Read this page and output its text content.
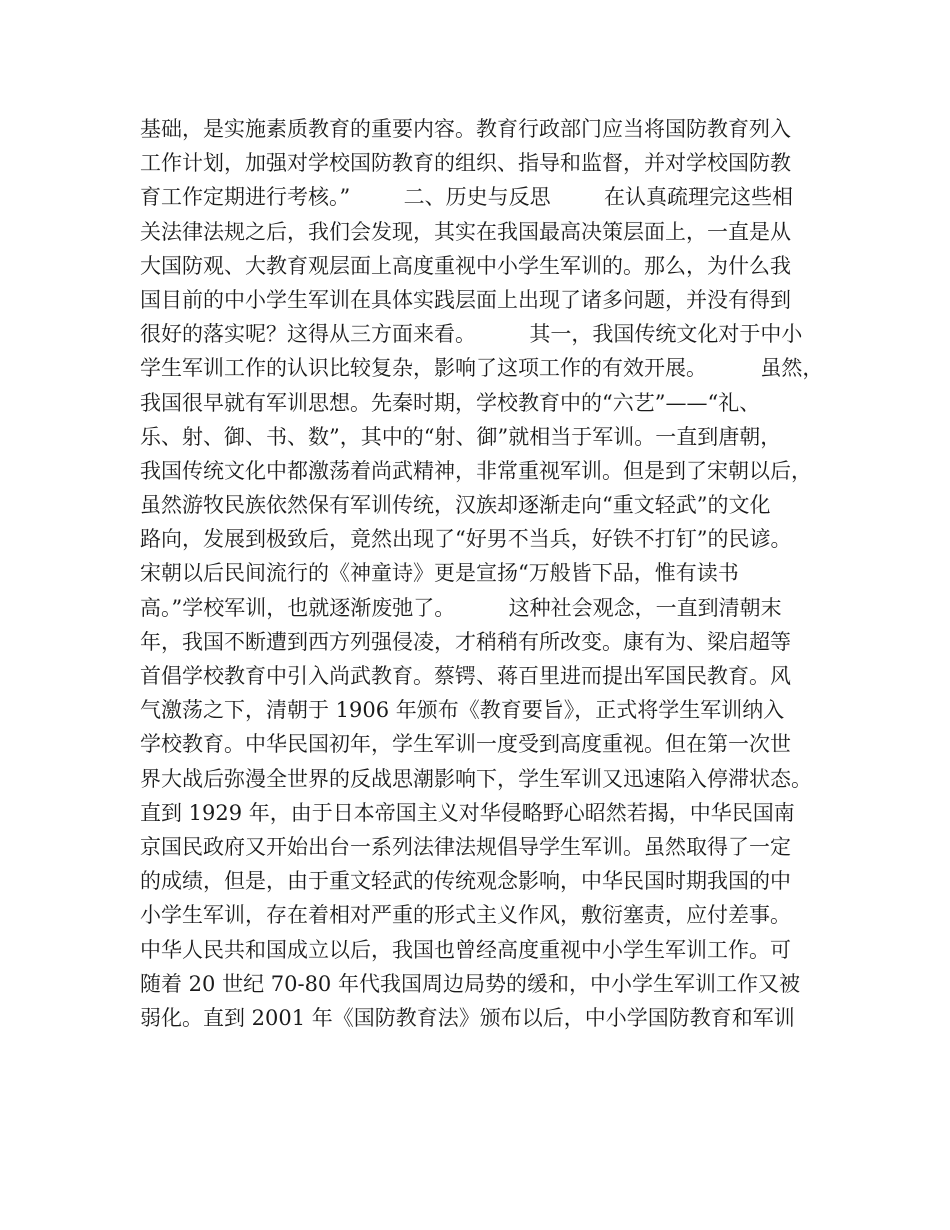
基础，是实施素质教育的重要内容。教育行政部门应当将国防教育列入
工作计划，加强对学校国防教育的组织、指导和监督，并对学校国防教
育工作定期进行考核。”        二、历史与反思        在认真疏理完这些相
关法律法规之后，我们会发现，其实在我国最高决策层面上，一直是从
大国防观、大教育观层面上高度重视中小学生军训的。那么，为什么我
国目前的中小学生军训在具体实践层面上出现了诸多问题，并没有得到
很好的落实呢？这得从三方面来看。        其一，我国传统文化对于中小
学生军训工作的认识比较复杂，影响了这项工作的有效开展。        虽然，
我国很早就有军训思想。先秦时期，学校教育中的“六艺”——“礼、
乐、射、御、书、数”，其中的“射、御”就相当于军训。一直到唐朝，
我国传统文化中都激荡着尚武精神，非常重视军训。但是到了宋朝以后，
虽然游牧民族依然保有军训传统，汉族却逐渐走向“重文轻武”的文化
路向，发展到极致后，竟然出现了“好男不当兵，好铁不打钉”的民谚。
宋朝以后民间流行的《神童诗》更是宣扬“万般皆下品，惟有读书
高。”学校军训，也就逐渐废弛了。        这种社会观念，一直到清朝末
年，我国不断遭到西方列强侵凌，才稍稍有所改变。康有为、梁启超等
首倡学校教育中引入尚武教育。蔡锷、蒋百里进而提出军国民教育。风
气激荡之下，清朝于 1906 年颁布《教育要旨》，正式将学生军训纳入
学校教育。中华民国初年，学生军训一度受到高度重视。但在第一次世
界大战后弥漫全世界的反战思潮影响下，学生军训又迅速陷入停滞状态。
直到 1929 年，由于日本帝国主义对华侵略野心昭然若揭，中华民国南
京国民政府又开始出台一系列法律法规倡导学生军训。虽然取得了一定
的成绩，但是，由于重文轻武的传统观念影响，中华民国时期我国的中
小学生军训，存在着相对严重的形式主义作风，敷衍塞责，应付差事。
中华人民共和国成立以后，我国也曾经高度重视中小学生军训工作。可
随着 20 世纪 70-80 年代我国周边局势的缓和，中小学生军训工作又被
弱化。直到 2001 年《国防教育法》颁布以后，中小学国防教育和军训
